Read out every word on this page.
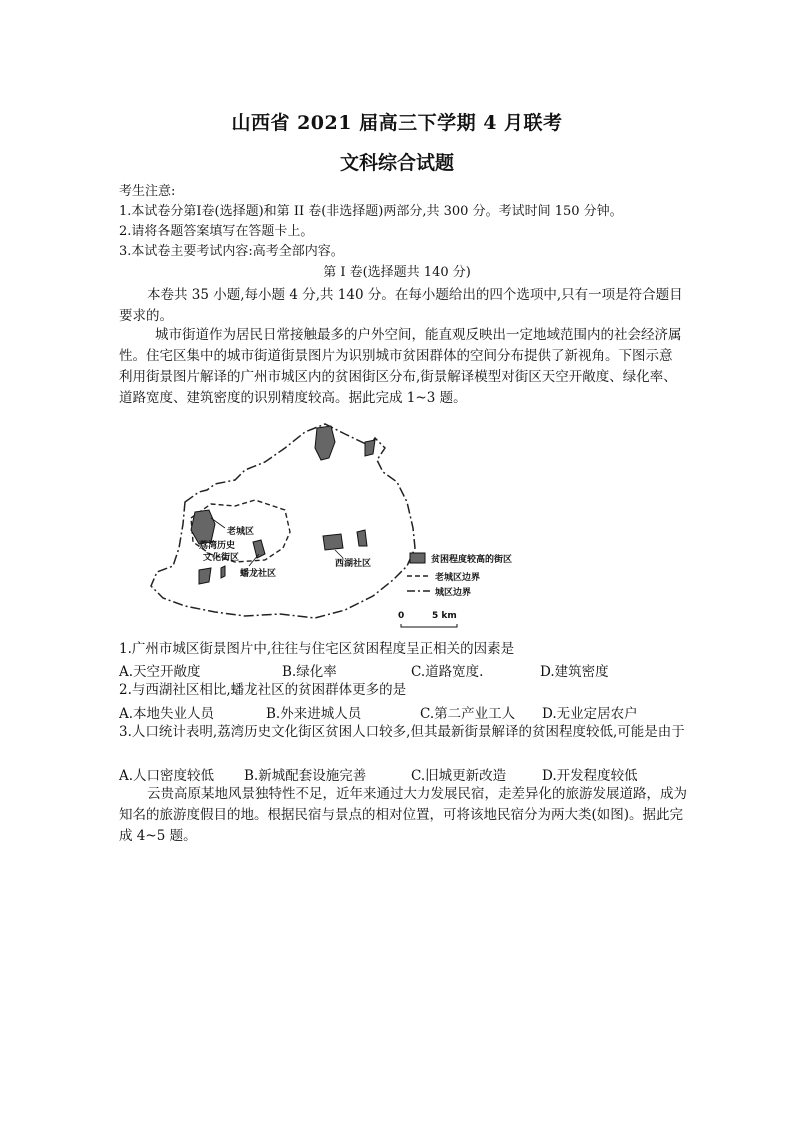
山西省 2021 届高三下学期 4 月联考
文科综合试题
考生注意:
1.本试卷分第Ⅰ卷(选择题)和第 II 卷(非选择题)两部分,共 300 分。考试时间 150 分钟。
2.请将各题答案填写在答题卡上。
3.本试卷主要考试内容:高考全部内容。
第 I 卷(选择题共 140 分)
本卷共 35 小题,每小题 4 分,共 140 分。在每小题给出的四个选项中,只有一项是符合题目要求的。
城市街道作为居民日常接触最多的户外空间，能直观反映出一定地域范围内的社会经济属性。住宅区集中的城市街道街景图片为识别城市贫困群体的空间分布提供了新视角。下图示意利用街景图片解译的广州市城区内的贫困街区分布,街景解译模型对街区天空开敞度、绿化率、道路宽度、建筑密度的识别精度较高。据此完成 1~3 题。
老城区
荔湾历史
文化街区
蟠龙社区
西湖社区	贫困程度较高的街区
老城区边界
城区边界
0	5 km
1.广州市城区街景图片中,往往与住宅区贫困程度呈正相关的因素是
A.天空开敞度	B.绿化率	C.道路宽度.	D.建筑密度
2.与西湖社区相比,蟠龙社区的贫困群体更多的是
A.本地失业人员	B.外来进城人员	C.第二产业工人 D.无业定居农户
3.人口统计表明,荔湾历史文化街区贫困人口较多,但其最新街景解译的贫困程度较低,可能是由于
A.人口密度较低 B.新城配套设施完善	C.旧城更新改造	D.开发程度较低
云贵高原某地风景独特性不足，近年来通过大力发展民宿，走差异化的旅游发展道路，成为知名的旅游度假目的地。根据民宿与景点的相对位置，可将该地民宿分为两大类(如图)。据此完成 4~5 题。
